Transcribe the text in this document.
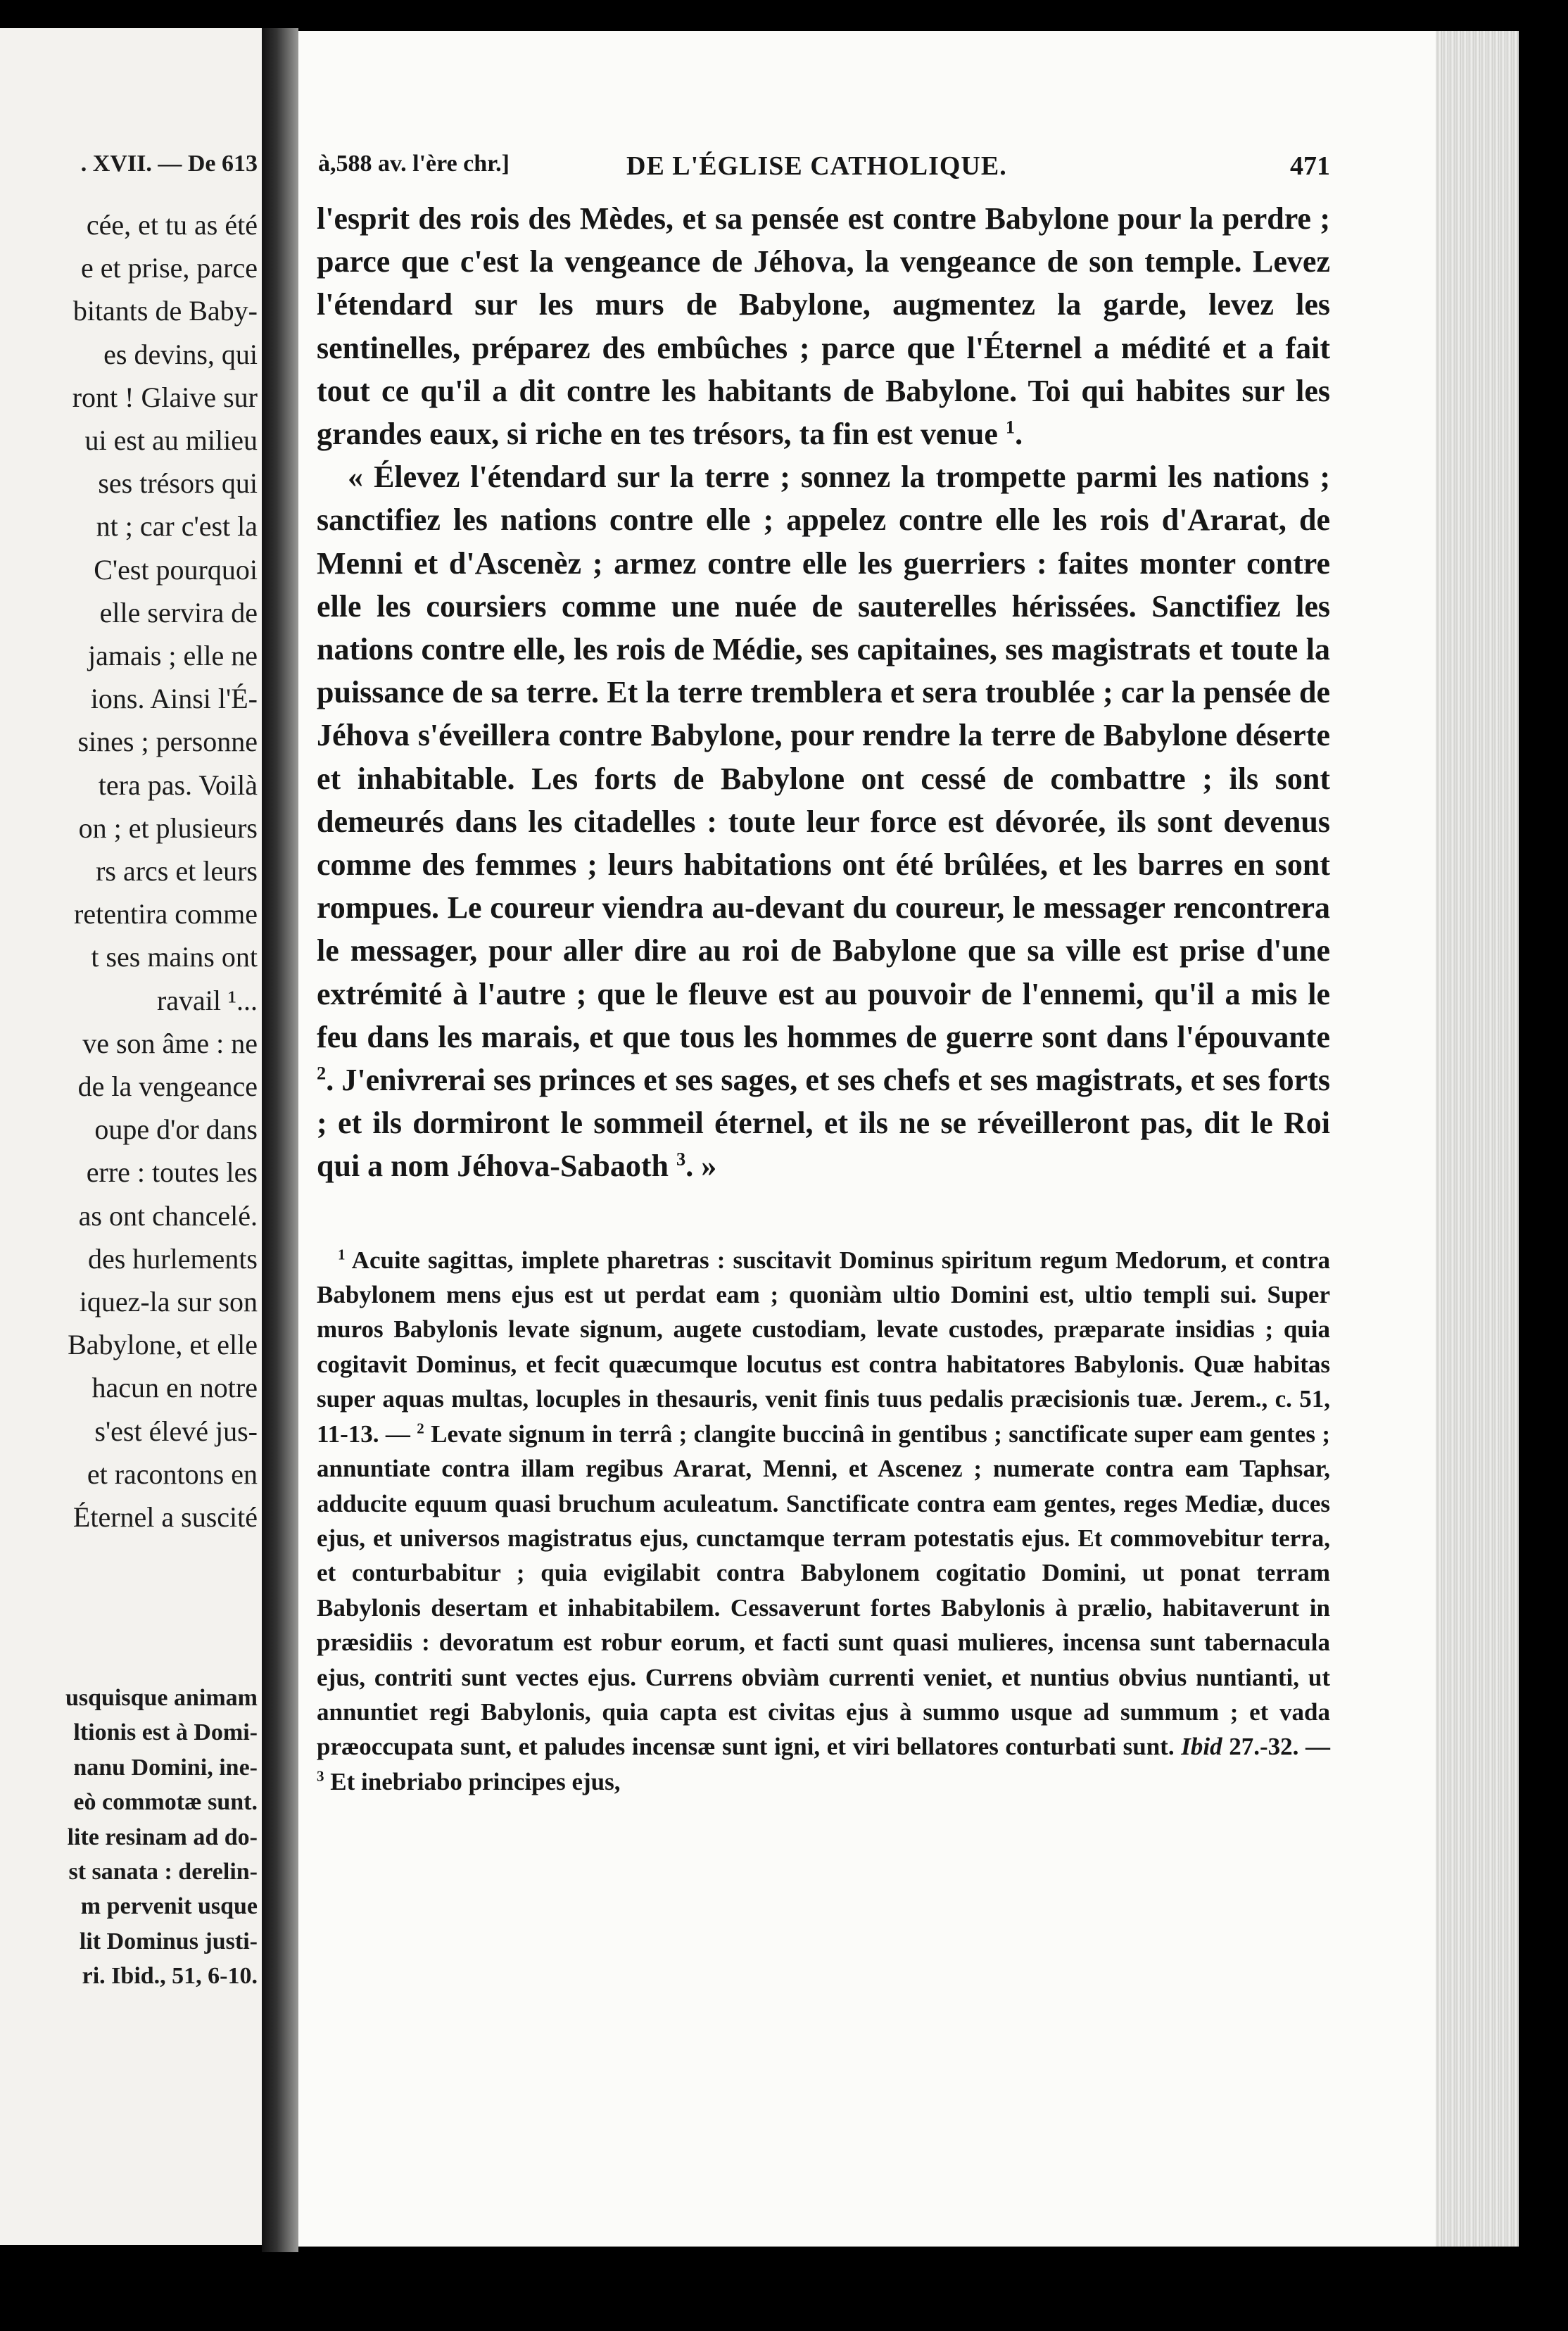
. XVII. — De 613
cée, et tu as été
e et prise, parce
bitants de Baby-
es devins, qui
ront ! Glaive sur
ui est au milieu
ses trésors qui
nt ; car c'est la
C'est pourquoi
elle servira de
jamais ; elle ne
ions. Ainsi l'É-
sines ; personne
tera pas. Voilà
on ; et plusieurs
rs arcs et leurs
retentira comme
t ses mains ont
ravail ¹...
ve son âme : ne
de la vengeance
oupe d'or dans
erre : toutes les
as ont chancelé.
des hurlements
iquez-la sur son
Babylone, et elle
hacun en notre
s'est élevé jus-
et racontons en
Éternel a suscité
usquisque animam
ltionis est à Domi-
nanu Domini, ine-
eò commotæ sunt.
lite resinam ad do-
st sanata : derelin-
m pervenit usque
lit Dominus justi-
ri. Ibid., 51, 6-10.
à,588 av. l'ère chr.]	DE L'ÉGLISE CATHOLIQUE.	471

l'esprit des rois des Mèdes, et sa pensée est contre Babylone pour la perdre ; parce que c'est la vengeance de Jéhova, la vengeance de son temple. Levez l'étendard sur les murs de Babylone, augmentez la garde, levez les sentinelles, préparez des embûches ; parce que l'Éternel a médité et a fait tout ce qu'il a dit contre les habitants de Babylone. Toi qui habites sur les grandes eaux, si riche en tes trésors, ta fin est venue $^1$.

« Élevez l'étendard sur la terre ; sonnez la trompette parmi les nations ; sanctifiez les nations contre elle ; appelez contre elle les rois d'Ararat, de Menni et d'Ascenèz ; armez contre elle les guerriers : faites monter contre elle les coursiers comme une nuée de sauterelles hérissées. Sanctifiez les nations contre elle, les rois de Médie, ses capitaines, ses magistrats et toute la puissance de sa terre. Et la terre tremblera et sera troublée ; car la pensée de Jéhova s'éveillera contre Babylone, pour rendre la terre de Babylone déserte et inhabitable. Les forts de Babylone ont cessé de combattre ; ils sont demeurés dans les citadelles : toute leur force est dévorée, ils sont devenus comme des femmes ; leurs habitations ont été brûlées, et les barres en sont rompues. Le coureur viendra au-devant du coureur, le messager rencontrera le messager, pour aller dire au roi de Babylone que sa ville est prise d'une extrémité à l'autre ; que le fleuve est au pouvoir de l'ennemi, qu'il a mis le feu dans les marais, et que tous les hommes de guerre sont dans l'épouvante $^2$. J'enivrerai ses princes et ses sages, et ses chefs et ses magistrats, et ses forts ; et ils dormiront le sommeil éternel, et ils ne se réveilleront pas, dit le Roi qui a nom Jéhova-Sabaoth $^3$. »

$^1$ Acuite sagittas, implete pharetras : suscitavit Dominus spiritum regum Medorum, et contra Babylonem mens ejus est ut perdat eam ; quoniàm ultio Domini est, ultio templi sui. Super muros Babylonis levate signum, augete custodiam, levate custodes, præparate insidias ; quia cogitavit Dominus, et fecit quæcumque locutus est contra habitatores Babylonis. Quæ habitas super aquas multas, locuples in thesauris, venit finis tuus pedalis præcisionis tuæ. Jerem., c. 51, 11-13. — $^2$ Levate signum in terrâ ; clangite buccinâ in gentibus ; sanctificate super eam gentes ; annuntiate contra illam regibus Ararat, Menni, et Ascenez ; numerate contra eam Taphsar, adducite equum quasi bruchum aculeatum. Sanctificate contra eam gentes, reges Mediæ, duces ejus, et universos magistratus ejus, cunctamque terram potestatis ejus. Et commovebitur terra, et conturbabitur ; quia evigilabit contra Babylonem cogitatio Domini, ut ponat terram Babylonis desertam et inhabitabilem. Cessaverunt fortes Babylonis à prælio, habitaverunt in præsidiis : devoratum est robur eorum, et facti sunt quasi mulieres, incensa sunt tabernacula ejus, contriti sunt vectes ejus. Currens obviàm currenti veniet, et nuntius obvius nuntianti, ut annuntiet regi Babylonis, quia capta est civitas ejus à summo usque ad summum ; et vada præoccupata sunt, et paludes incensæ sunt igni, et viri bellatores conturbati sunt. Ibid 27.-32. — $^3$ Et inebriabo principes ejus,
